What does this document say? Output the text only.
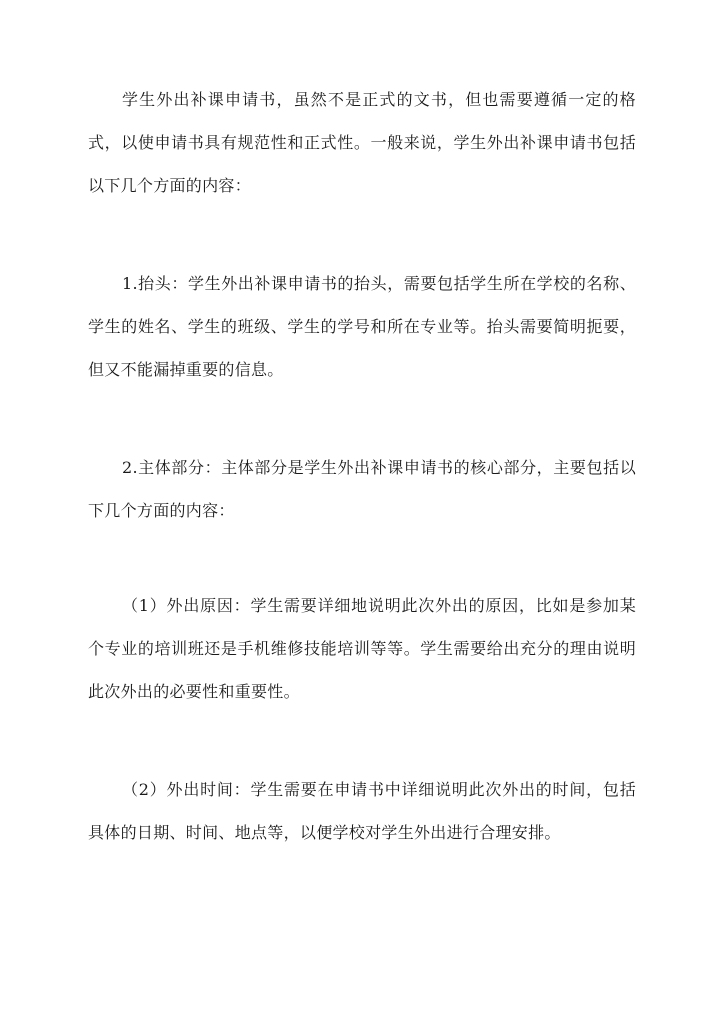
学生外出补课申请书，虽然不是正式的文书，但也需要遵循一定的格式，以使申请书具有规范性和正式性。一般来说，学生外出补课申请书包括以下几个方面的内容：

1.抬头：学生外出补课申请书的抬头，需要包括学生所在学校的名称、学生的姓名、学生的班级、学生的学号和所在专业等。抬头需要简明扼要，但又不能漏掉重要的信息。

2.主体部分：主体部分是学生外出补课申请书的核心部分，主要包括以下几个方面的内容：

（1）外出原因：学生需要详细地说明此次外出的原因，比如是参加某个专业的培训班还是手机维修技能培训等等。学生需要给出充分的理由说明此次外出的必要性和重要性。

（2）外出时间：学生需要在申请书中详细说明此次外出的时间，包括具体的日期、时间、地点等，以便学校对学生外出进行合理安排。
